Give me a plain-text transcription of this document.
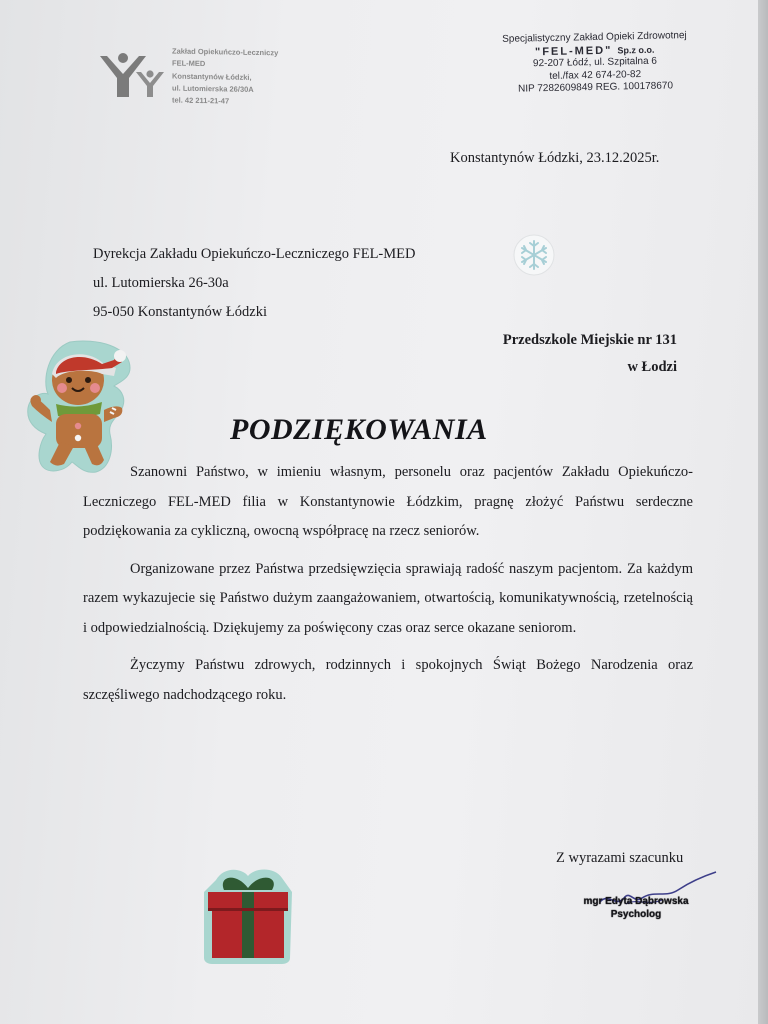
Zakład Opiekuńczo-Leczniczy
FEL-MED
Konstantynów Łódzki,
ul. Lutomierska 26/30A
tel. 42 211-21-47
Specjalistyczny Zakład Opieki Zdrowotnej
"FEL-MED" Sp.z o.o.
92-207 Łódź, ul. Szpitalna 6
tel./fax 42 674-20-82
NIP 7282609849 REG. 100178670
Konstantynów Łódzki, 23.12.2025r.
Dyrekcja Zakładu Opiekuńczo-Leczniczego FEL-MED
ul. Lutomierska 26-30a
95-050 Konstantynów Łódzki
Przedszkole Miejskie nr 131
w Łodzi
PODZIĘKOWANIA

Szanowni Państwo, w imieniu własnym, personelu oraz pacjentów Zakładu Opiekuńczo-Leczniczego FEL-MED filia w Konstantynowie Łódzkim, pragnę złożyć Państwu serdeczne podziękowania za cykliczną, owocną współpracę na rzecz seniorów.

Organizowane przez Państwa przedsięwzięcia sprawiają radość naszym pacjentom. Za każdym razem wykazujecie się Państwo dużym zaangażowaniem, otwartością, komunikatywnością, rzetelnością i odpowiedzialnością. Dziękujemy za poświęcony czas oraz serce okazane seniorom.

Życzymy Państwu zdrowych, rodzinnych i spokojnych Świąt Bożego Narodzenia oraz szczęśliwego nadchodzącego roku.

Z wyrazami szacunku
mgr Edyta Dąbrowska
Psycholog
